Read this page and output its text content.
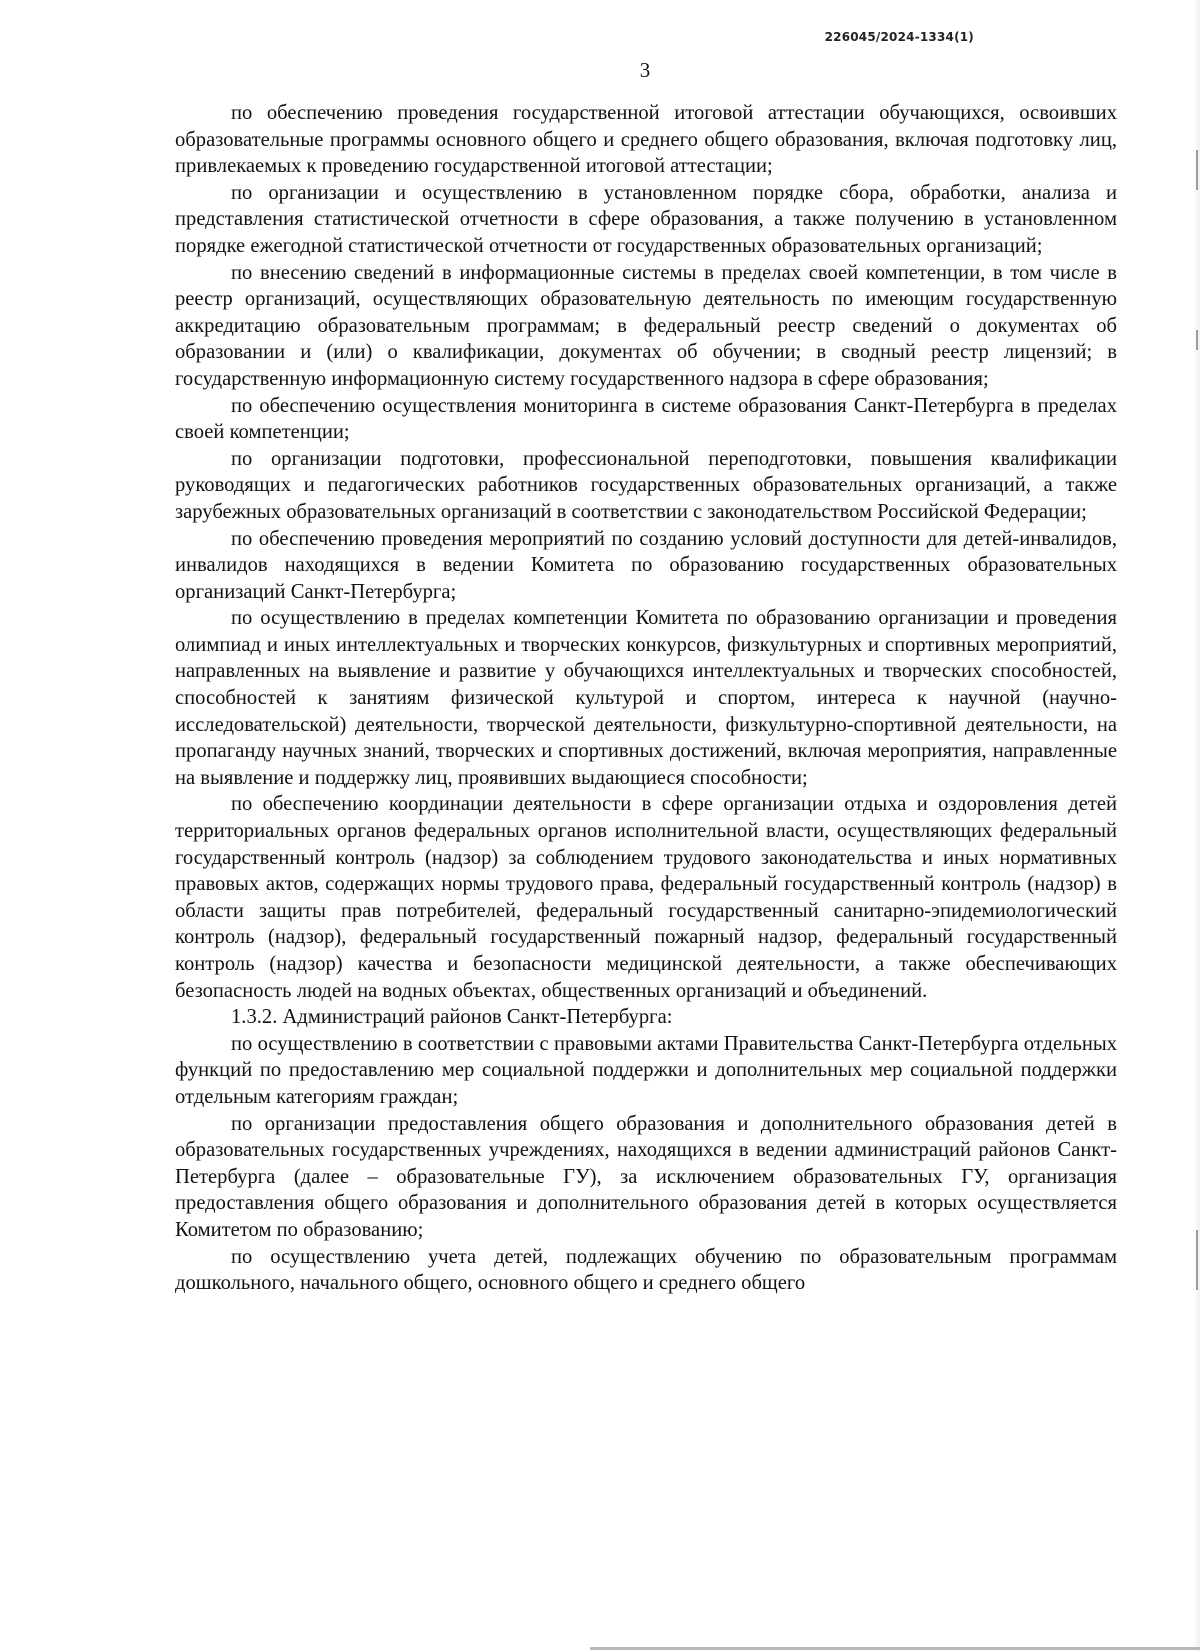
226045/2024-1334(1)
3

по обеспечению проведения государственной итоговой аттестации обучающихся, освоивших образовательные программы основного общего и среднего общего образования, включая подготовку лиц, привлекаемых к проведению государственной итоговой аттестации;

по организации и осуществлению в установленном порядке сбора, обработки, анализа и представления статистической отчетности в сфере образования, а также получению в установленном порядке ежегодной статистической отчетности от государственных образовательных организаций;

по внесению сведений в информационные системы в пределах своей компетенции, в том числе в реестр организаций, осуществляющих образовательную деятельность по имеющим государственную аккредитацию образовательным программам; в федеральный реестр сведений о документах об образовании и (или) о квалификации, документах об обучении; в сводный реестр лицензий; в государственную информационную систему государственного надзора в сфере образования;

по обеспечению осуществления мониторинга в системе образования Санкт-Петербурга в пределах своей компетенции;

по организации подготовки, профессиональной переподготовки, повышения квалификации руководящих и педагогических работников государственных образовательных организаций, а также зарубежных образовательных организаций в соответствии с законодательством Российской Федерации;

по обеспечению проведения мероприятий по созданию условий доступности для детей-инвалидов, инвалидов находящихся в ведении Комитета по образованию государственных образовательных организаций Санкт-Петербурга;

по осуществлению в пределах компетенции Комитета по образованию организации и проведения олимпиад и иных интеллектуальных и творческих конкурсов, физкультурных и спортивных мероприятий, направленных на выявление и развитие у обучающихся интеллектуальных и творческих способностей, способностей к занятиям физической культурой и спортом, интереса к научной (научно-исследовательской) деятельности, творческой деятельности, физкультурно-спортивной деятельности, на пропаганду научных знаний, творческих и спортивных достижений, включая мероприятия, направленные на выявление и поддержку лиц, проявивших выдающиеся способности;

по обеспечению координации деятельности в сфере организации отдыха и оздоровления детей территориальных органов федеральных органов исполнительной власти, осуществляющих федеральный государственный контроль (надзор) за соблюдением трудового законодательства и иных нормативных правовых актов, содержащих нормы трудового права, федеральный государственный контроль (надзор) в области защиты прав потребителей, федеральный государственный санитарно-эпидемиологический контроль (надзор), федеральный государственный пожарный надзор, федеральный государственный контроль (надзор) качества и безопасности медицинской деятельности, а также обеспечивающих безопасность людей на водных объектах, общественных организаций и объединений.

1.3.2. Администраций районов Санкт-Петербурга:

по осуществлению в соответствии с правовыми актами Правительства Санкт-Петербурга отдельных функций по предоставлению мер социальной поддержки и дополнительных мер социальной поддержки отдельным категориям граждан;

по организации предоставления общего образования и дополнительного образования детей в образовательных государственных учреждениях, находящихся в ведении администраций районов Санкт-Петербурга (далее – образовательные ГУ), за исключением образовательных ГУ, организация предоставления общего образования и дополнительного образования детей в которых осуществляется Комитетом по образованию;

по осуществлению учета детей, подлежащих обучению по образовательным программам дошкольного, начального общего, основного общего и среднего общего
